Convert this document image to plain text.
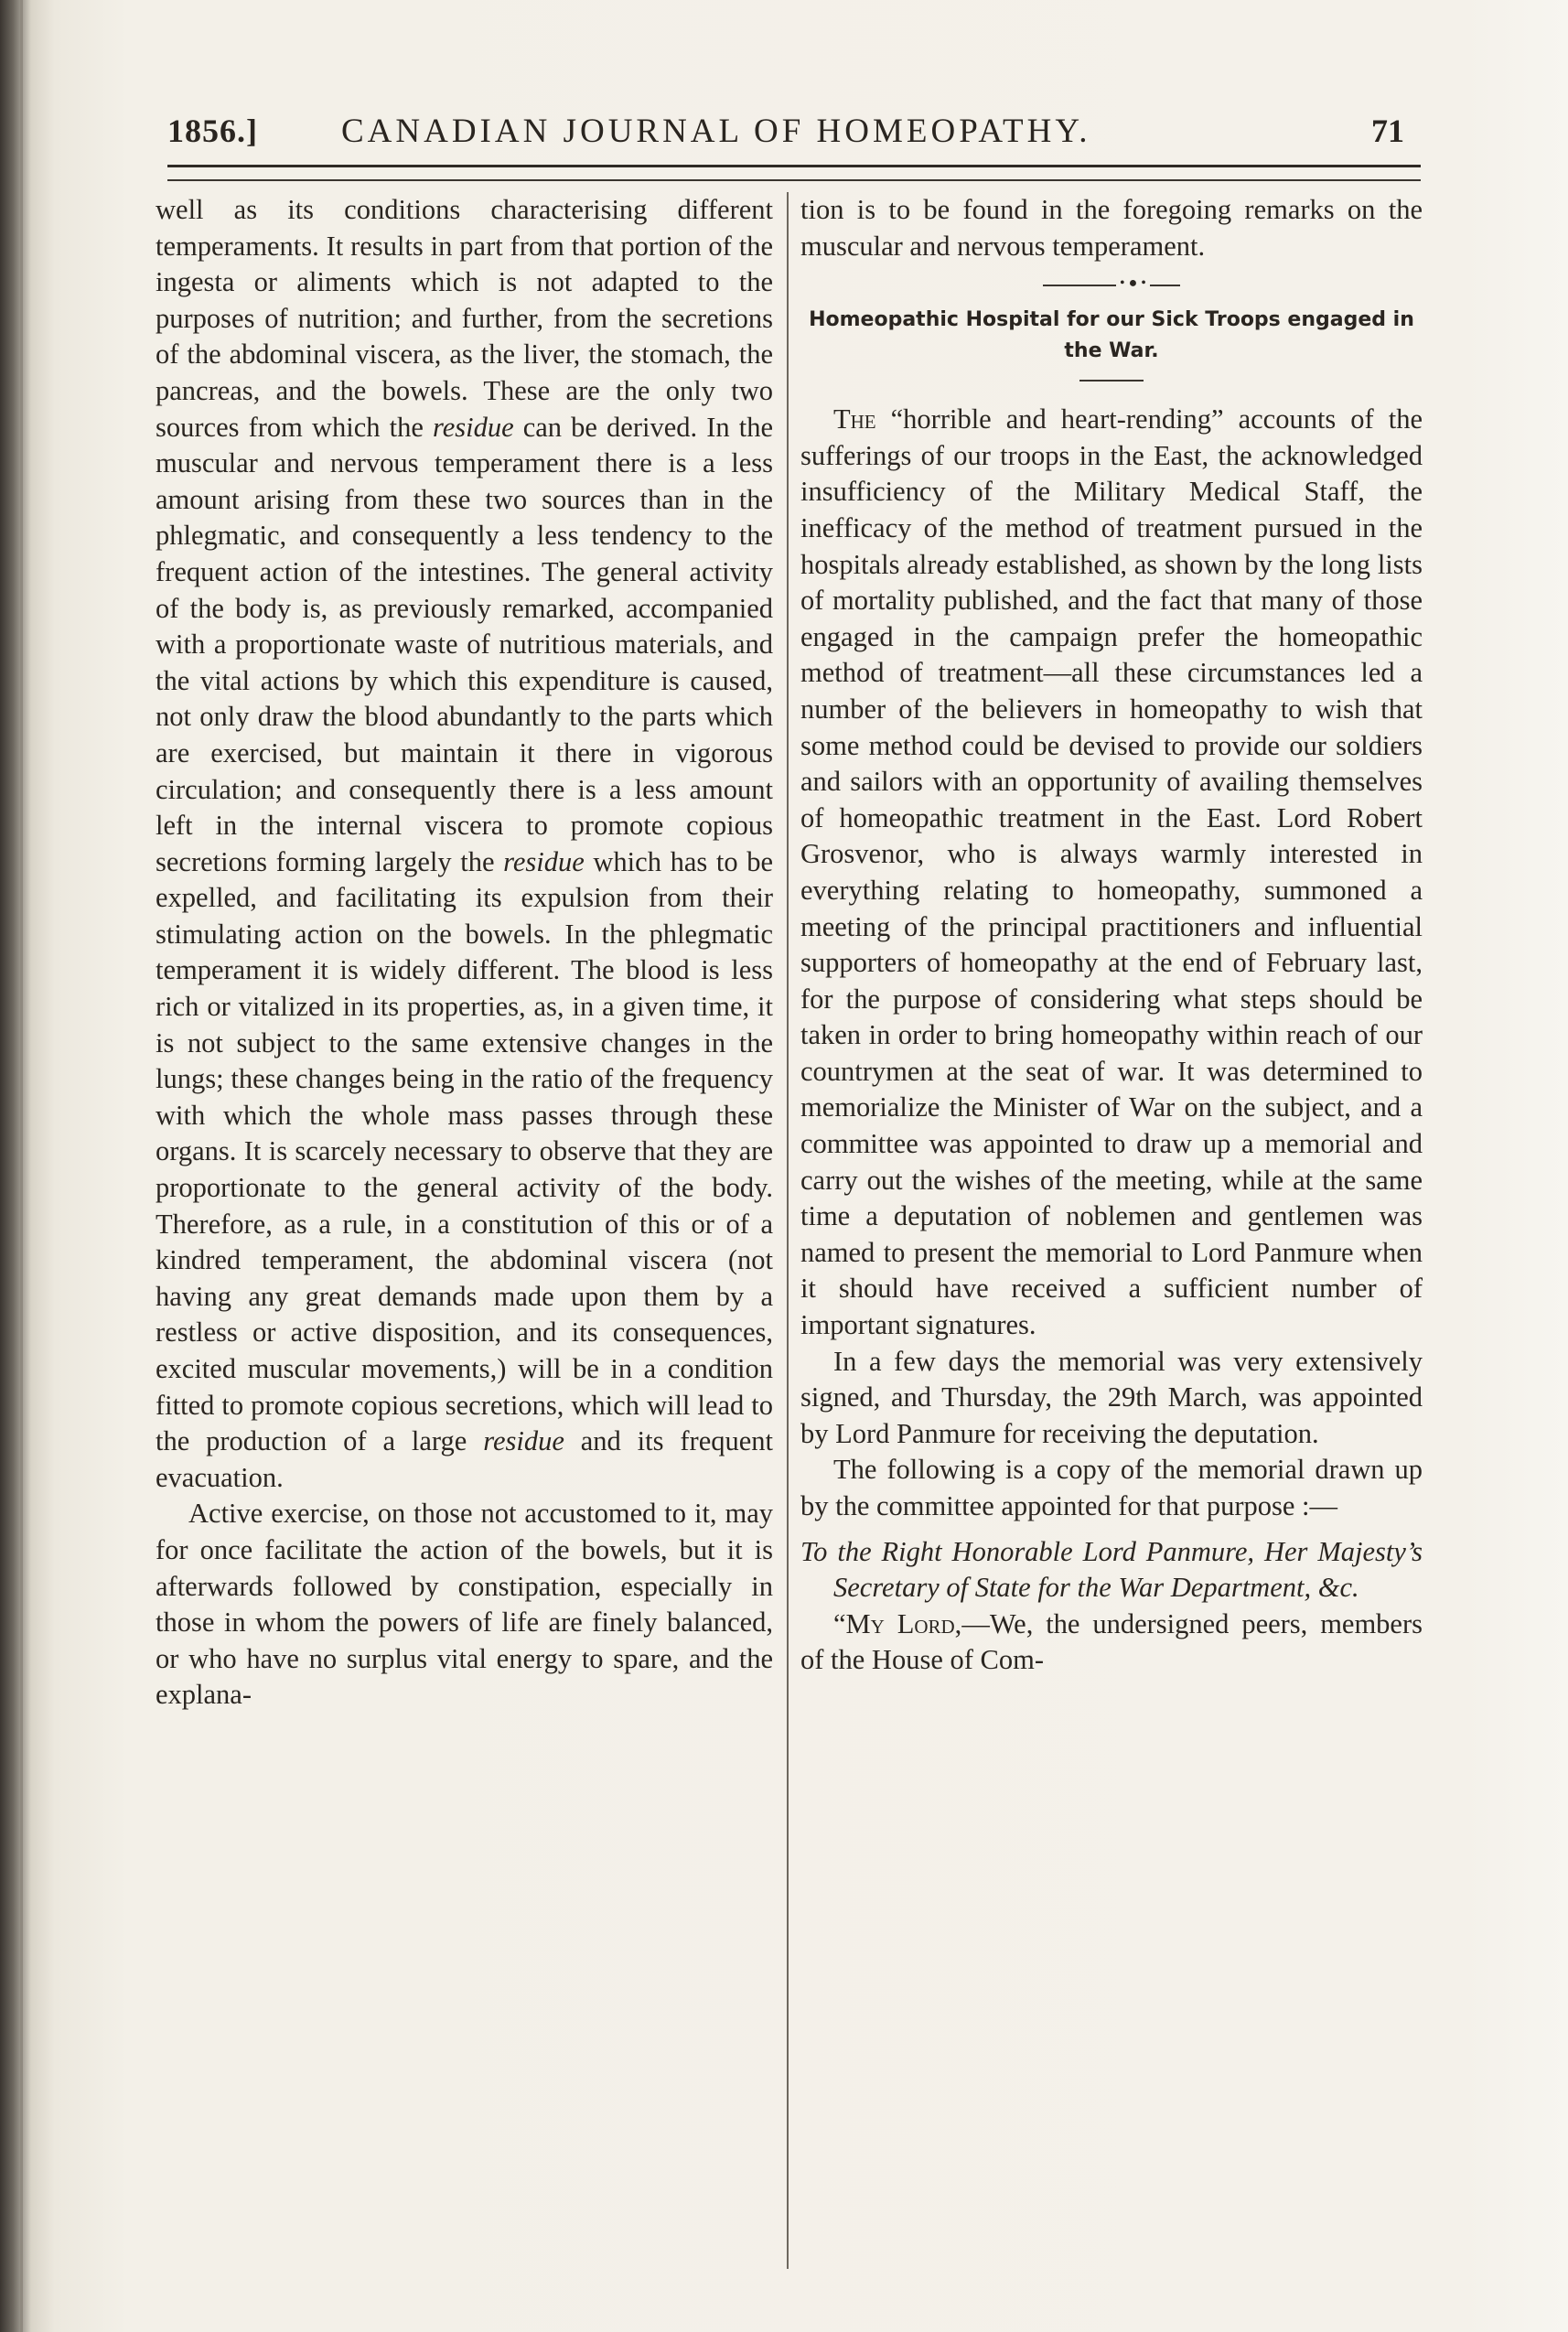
1856.] CANADIAN JOURNAL OF HOMEOPATHY.	71

well as its conditions characterising different temperaments. It results in part from that portion of the ingesta or aliments which is not adapted to the purposes of nutrition; and further, from the secretions of the abdominal viscera, as the liver, the stomach, the pancreas, and the bowels. These are the only two sources from which the residue can be derived. In the muscular and nervous temperament there is a less amount arising from these two sources than in the phlegmatic, and consequently a less tendency to the frequent action of the intestines. The general activity of the body is, as previously remarked, accompanied with a proportionate waste of nutritious materials, and the vital actions by which this expenditure is caused, not only draw the blood abundantly to the parts which are exercised, but maintain it there in vigorous circulation; and consequently there is a less amount left in the internal viscera to promote copious secretions forming largely the residue which has to be expelled, and facilitating its expulsion from their stimulating action on the bowels. In the phlegmatic temperament it is widely different. The blood is less rich or vitalized in its properties, as, in a given time, it is not subject to the same extensive changes in the lungs; these changes being in the ratio of the frequency with which the whole mass passes through these organs. It is scarcely necessary to observe that they are proportionate to the general activity of the body. Therefore, as a rule, in a constitution of this or of a kindred temperament, the abdominal viscera (not having any great demands made upon them by a restless or active disposition, and its consequences, excited muscular movements,) will be in a condition fitted to promote copious secretions, which will lead to the production of a large residue and its frequent evacuation.

Active exercise, on those not accustomed to it, may for once facilitate the action of the bowels, but it is afterwards followed by constipation, especially in those in whom the powers of life are finely balanced, or who have no surplus vital energy to spare, and the explana-

tion is to be found in the foregoing remarks on the muscular and nervous temperament.

• ● •

Homeopathic Hospital for our Sick Troops engaged in the War.

The “horrible and heart-rending” accounts of the sufferings of our troops in the East, the acknowledged insufficiency of the Military Medical Staff, the inefficacy of the method of treatment pursued in the hospitals already established, as shown by the long lists of mortality published, and the fact that many of those engaged in the campaign prefer the homeopathic method of treatment—all these circumstances led a number of the believers in homeopathy to wish that some method could be devised to provide our soldiers and sailors with an opportunity of availing themselves of homeopathic treatment in the East. Lord Robert Grosvenor, who is always warmly interested in everything relating to homeopathy, summoned a meeting of the principal practitioners and influential supporters of homeopathy at the end of February last, for the purpose of considering what steps should be taken in order to bring homeopathy within reach of our countrymen at the seat of war. It was determined to memorialize the Minister of War on the subject, and a committee was appointed to draw up a memorial and carry out the wishes of the meeting, while at the same time a deputation of noblemen and gentlemen was named to present the memorial to Lord Panmure when it should have received a sufficient number of important signatures.

In a few days the memorial was very extensively signed, and Thursday, the 29th March, was appointed by Lord Panmure for receiving the deputation.

The following is a copy of the memorial drawn up by the committee appointed for that purpose :—

To the Right Honorable Lord Panmure, Her Majesty’s Secretary of State for the War Department, &c.

“My Lord,—We, the undersigned peers, members of the House of Com-
